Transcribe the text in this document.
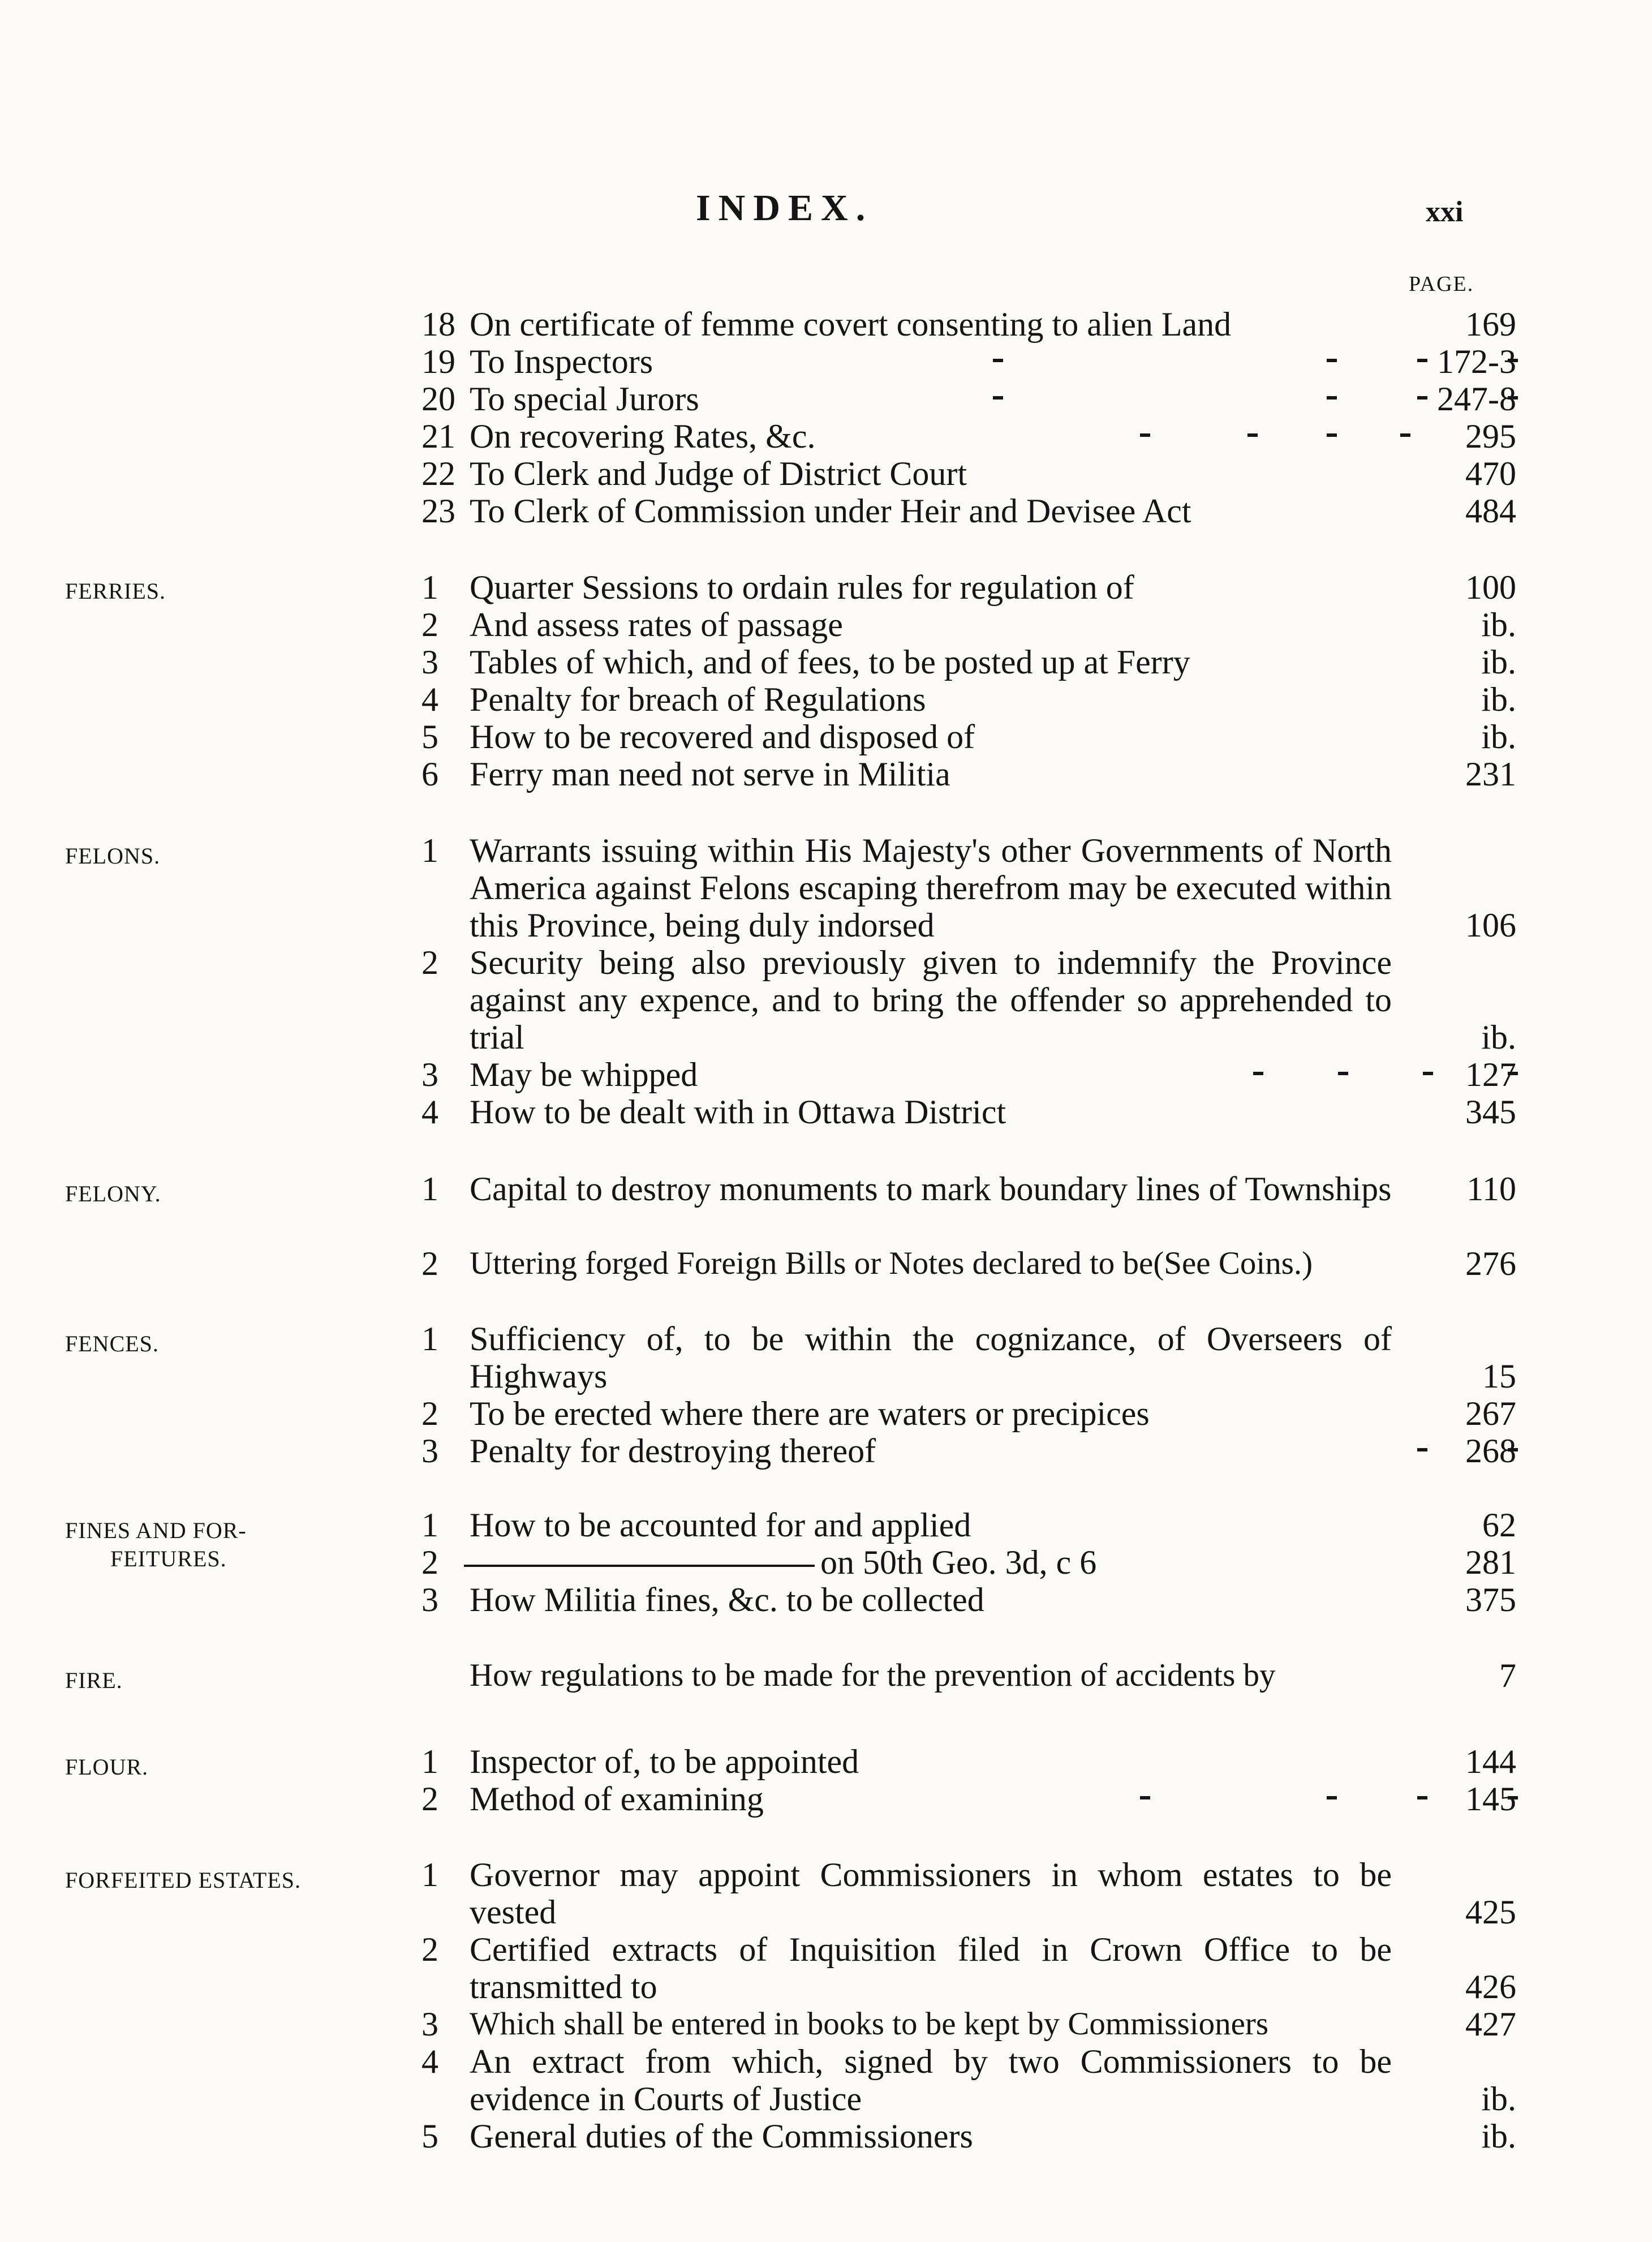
INDEX.	xxi
PAGE.
18 On certificate of femme covert consenting to alien Land	169
19 To Inspectors	172-3
20 To special Jurors	247-8
21 On recovering Rates, &c.	295
22 To Clerk and Judge of District Court	470
23 To Clerk of Commission under Heir and Devisee Act	484
FERRIES.	1 Quarter Sessions to ordain rules for regulation of	100
2 And assess rates of passage	ib.
3 Tables of which, and of fees, to be posted up at Ferry	ib.
4 Penalty for breach of Regulations	ib.
5 How to be recovered and disposed of	ib.
6 Ferry man need not serve in Militia	231
FELONS.	1 Warrants issuing within His Majesty's other Governments of North America against Felons escaping therefrom may be executed within this Province, being duly indorsed	106
2 Security being also previously given to indemnify the Province against any expence, and to bring the offender so apprehended to trial	ib.
3 May be whipped	127
4 How to be dealt with in Ottawa District	345
FELONY.	1 Capital to destroy monuments to mark boundary lines of Townships	110
2 Uttering forged Foreign Bills or Notes declared to be(See Coins.)	276
FENCES.	1 Sufficiency of, to be within the cognizance, of Overseers of Highways	15
2 To be erected where there are waters or precipices	267
3 Penalty for destroying thereof	268
FINES AND FOR-
FEITURES.
1 How to be accounted for and applied	62
2	on 50th Geo. 3d, c 6	281
3 How Militia fines, &c. to be collected	375
FIRE.	How regulations to be made for the prevention of accidents by	7
FLOUR.	1 Inspector of, to be appointed	144
2 Method of examining	145
FORFEITED ESTATES.	1 Governor may appoint Commissioners in whom estates to be vested	425
2 Certified extracts of Inquisition filed in Crown Office to be transmitted to	426
3 Which shall be entered in books to be kept by Commissioners	427
4 An extract from which, signed by two Commissioners to be evidence in Courts of Justice	ib.
5 General duties of the Commissioners	ib.
